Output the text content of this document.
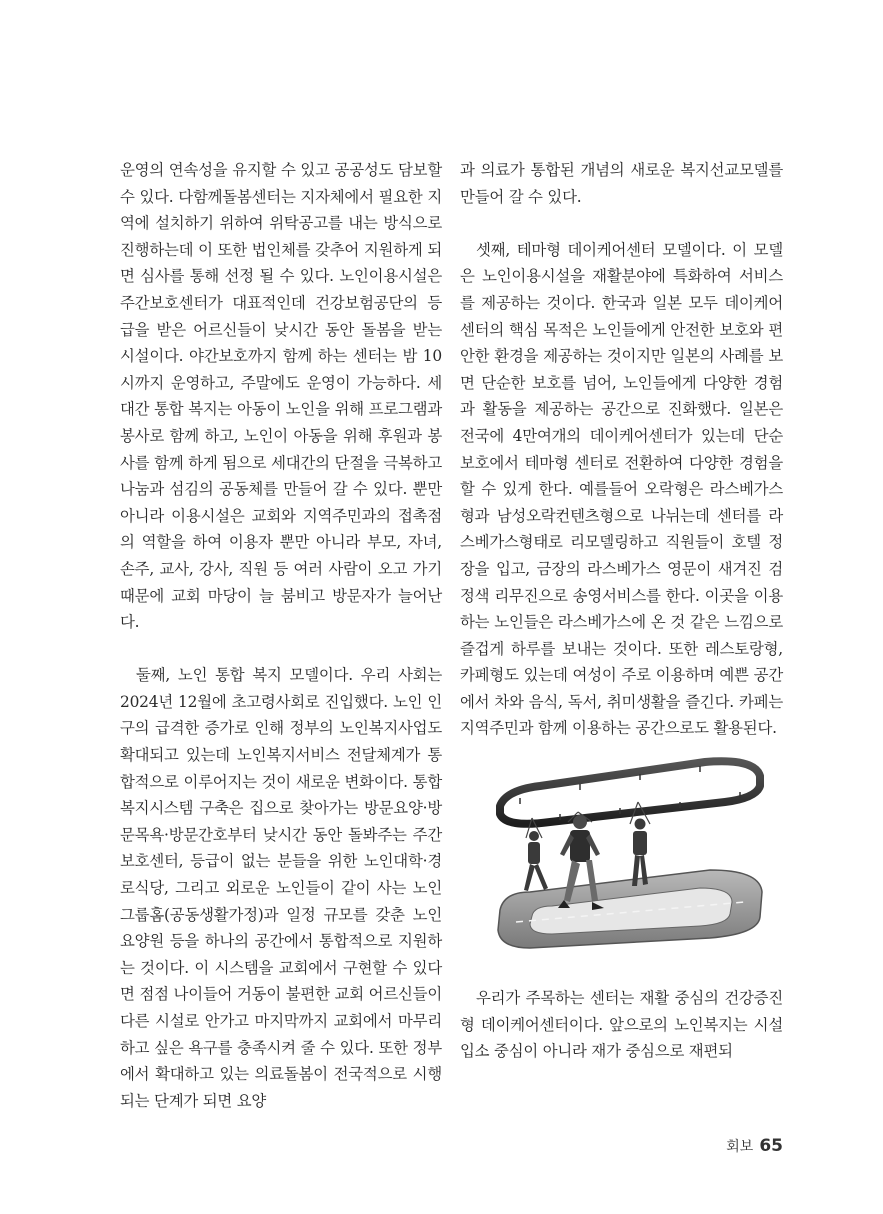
운영의 연속성을 유지할 수 있고 공공성도 담보할 수 있다. 다함께돌봄센터는 지자체에서 필요한 지역에 설치하기 위하여 위탁공고를 내는 방식으로 진행하는데 이 또한 법인체를 갖추어 지원하게 되면 심사를 통해 선정 될 수 있다. 노인이용시설은 주간보호센터가 대표적인데 건강보험공단의 등급을 받은 어르신들이 낮시간 동안 돌봄을 받는 시설이다. 야간보호까지 함께 하는 센터는 밤 10시까지 운영하고, 주말에도 운영이 가능하다. 세대간 통합 복지는 아동이 노인을 위해 프로그램과 봉사로 함께 하고, 노인이 아동을 위해 후원과 봉사를 함께 하게 됨으로 세대간의 단절을 극복하고 나눔과 섬김의 공동체를 만들어 갈 수 있다. 뿐만 아니라 이용시설은 교회와 지역주민과의 접촉점의 역할을 하여 이용자 뿐만 아니라 부모, 자녀, 손주, 교사, 강사, 직원 등 여러 사람이 오고 가기 때문에 교회 마당이 늘 붐비고 방문자가 늘어난다.

둘째, 노인 통합 복지 모델이다. 우리 사회는 2024년 12월에 초고령사회로 진입했다. 노인 인구의 급격한 증가로 인해 정부의 노인복지사업도 확대되고 있는데 노인복지서비스 전달체계가 통합적으로 이루어지는 것이 새로운 변화이다. 통합복지시스템 구축은 집으로 찾아가는 방문요양·방문목욕·방문간호부터 낮시간 동안 돌봐주는 주간보호센터, 등급이 없는 분들을 위한 노인대학·경로식당, 그리고 외로운 노인들이 같이 사는 노인그룹홈(공동생활가정)과 일정 규모를 갖춘 노인요양원 등을 하나의 공간에서 통합적으로 지원하는 것이다. 이 시스템을 교회에서 구현할 수 있다면 점점 나이들어 거동이 불편한 교회 어르신들이 다른 시설로 안가고 마지막까지 교회에서 마무리하고 싶은 욕구를 충족시켜 줄 수 있다. 또한 정부에서 확대하고 있는 의료돌봄이 전국적으로 시행되는 단계가 되면 요양

과 의료가 통합된 개념의 새로운 복지선교모델를 만들어 갈 수 있다.

셋째, 테마형 데이케어센터 모델이다. 이 모델은 노인이용시설을 재활분야에 특화하여 서비스를 제공하는 것이다. 한국과 일본 모두 데이케어센터의 핵심 목적은 노인들에게 안전한 보호와 편안한 환경을 제공하는 것이지만 일본의 사례를 보면 단순한 보호를 넘어, 노인들에게 다양한 경험과 활동을 제공하는 공간으로 진화했다. 일본은 전국에 4만여개의 데이케어센터가 있는데 단순 보호에서 테마형 센터로 전환하여 다양한 경험을 할 수 있게 한다. 예를들어 오락형은 라스베가스형과 남성오락컨텐츠형으로 나뉘는데 센터를 라스베가스형태로 리모델링하고 직원들이 호텔 정장을 입고, 금장의 라스베가스 영문이 새겨진 검정색 리무진으로 송영서비스를 한다. 이곳을 이용하는 노인들은 라스베가스에 온 것 같은 느낌으로 즐겁게 하루를 보내는 것이다. 또한 레스토랑형, 카페형도 있는데 여성이 주로 이용하며 예쁜 공간에서 차와 음식, 독서, 취미생활을 즐긴다. 카페는 지역주민과 함께 이용하는 공간으로도 활용된다.

우리가 주목하는 센터는 재활 중심의 건강증진형 데이케어센터이다. 앞으로의 노인복지는 시설 입소 중심이 아니라 재가 중심으로 재편되

회보 65
